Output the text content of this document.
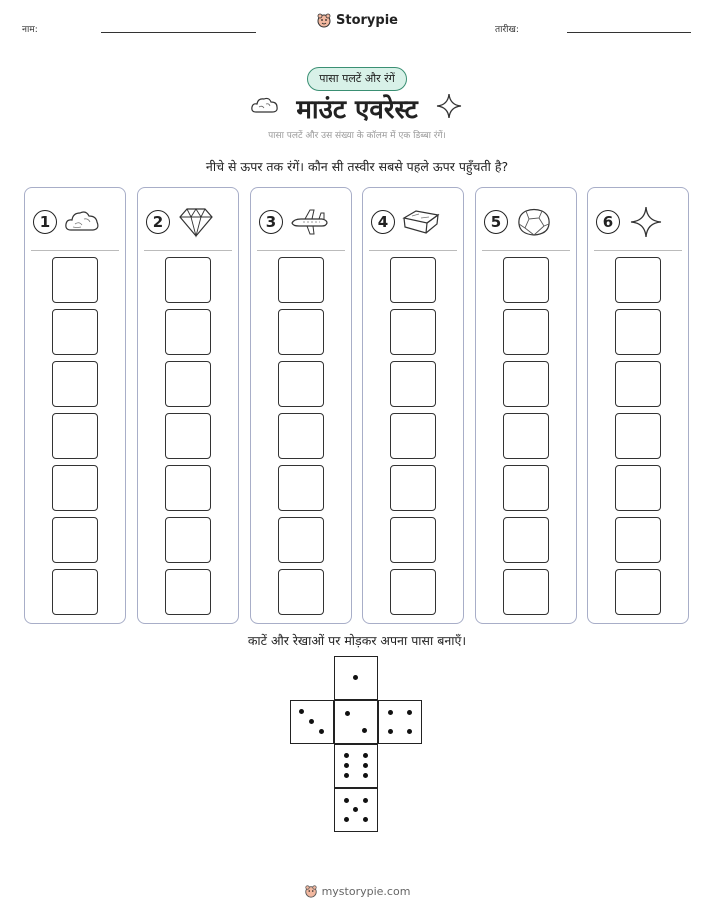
नाम:
Storypie
तारीख:
पासा पलटें और रंगें
माउंट एवरेस्ट
पासा पलटें और उस संख्या के कॉलम में एक डिब्बा रंगें।
नीचे से ऊपर तक रंगें। कौन सी तस्वीर सबसे पहले ऊपर पहुँचती है?
1	2	3	4	5	6
काटें और रेखाओं पर मोड़कर अपना पासा बनाएँ।
mystorypie.com
